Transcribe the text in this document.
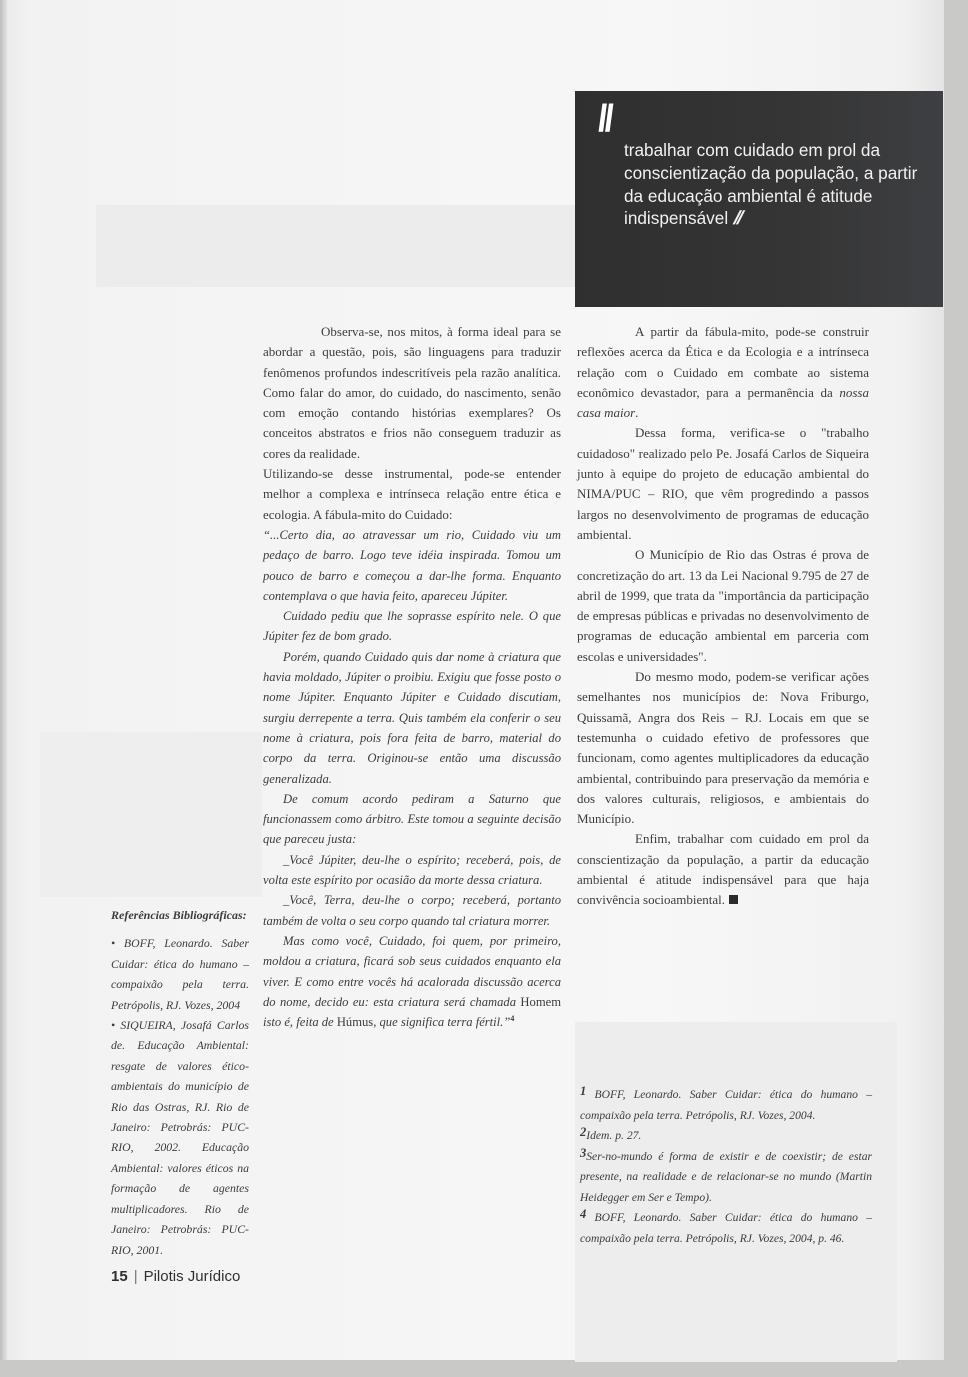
\\
trabalhar com cuidado em prol da conscientização da população, a partir da educação ambiental é atitude indispensável //

Observa-se, nos mitos, à forma ideal para se abordar a questão, pois, são linguagens para traduzir fenômenos profundos indescritíveis pela razão analítica. Como falar do amor, do cuidado, do nascimento, senão com emoção contando histórias exemplares? Os conceitos abstratos e frios não conseguem traduzir as cores da realidade.

Utilizando-se desse instrumental, pode-se entender melhor a complexa e intrínseca relação entre ética e ecologia. A fábula-mito do Cuidado:

“...Certo dia, ao atravessar um rio, Cuidado viu um pedaço de barro. Logo teve idéia inspirada. Tomou um pouco de barro e começou a dar-lhe forma. Enquanto contemplava o que havia feito, apareceu Júpiter.

Cuidado pediu que lhe soprasse espírito nele. O que Júpiter fez de bom grado.

Porém, quando Cuidado quis dar nome à criatura que havia moldado, Júpiter o proibiu. Exigiu que fosse posto o nome Júpiter. Enquanto Júpiter e Cuidado discutiam, surgiu derrepente a terra. Quis também ela conferir o seu nome à criatura, pois fora feita de barro, material do corpo da terra. Originou-se então uma discussão generalizada.

De comum acordo pediram a Saturno que funcionassem como árbitro. Este tomou a seguinte decisão que pareceu justa:

_Você Júpiter, deu-lhe o espírito; receberá, pois, de volta este espírito por ocasião da morte dessa criatura.

_Você, Terra, deu-lhe o corpo; receberá, portanto também de volta o seu corpo quando tal criatura morrer.

Mas como você, Cuidado, foi quem, por primeiro, moldou a criatura, ficará sob seus cuidados enquanto ela viver. E como entre vocês há acalorada discussão acerca do nome, decido eu: esta criatura será chamada Homem isto é, feita de Húmus, que significa terra fértil.”$^4$

A partir da fábula-mito, pode-se construir reflexões acerca da Ética e da Ecologia e a intrínseca relação com o Cuidado em combate ao sistema econômico devastador, para a permanência da nossa casa maior.

Dessa forma, verifica-se o "trabalho cuidadoso" realizado pelo Pe. Josafá Carlos de Siqueira junto à equipe do projeto de educação ambiental do NIMA/PUC – RIO, que vêm progredindo a passos largos no desenvolvimento de programas de educação ambiental.

O Município de Rio das Ostras é prova de concretização do art. 13 da Lei Nacional 9.795 de 27 de abril de 1999, que trata da "importância da participação de empresas públicas e privadas no desenvolvimento de programas de educação ambiental em parceria com escolas e universidades".

Do mesmo modo, podem-se verificar ações semelhantes nos municípios de: Nova Friburgo, Quissamã, Angra dos Reis – RJ. Locais em que se testemunha o cuidado efetivo de professores que funcionam, como agentes multiplicadores da educação ambiental, contribuindo para preservação da memória e dos valores culturais, religiosos, e ambientais do Município.

Enfim, trabalhar com cuidado em prol da conscientização da população, a partir da educação ambiental é atitude indispensável para que haja convivência socioambiental.

Referências Bibliográficas:

• BOFF, Leonardo. Saber Cuidar: ética do humano – compaixão pela terra. Petrópolis, RJ. Vozes, 2004

• SIQUEIRA, Josafá Carlos de. Educação Ambiental: resgate de valores ético-ambientais do município de Rio das Ostras, RJ. Rio de Janeiro: Petrobrás: PUC-RIO, 2002. Educação Ambiental: valores éticos na formação de agentes multiplicadores. Rio de Janeiro: Petrobrás: PUC-RIO, 2001.

1 BOFF, Leonardo. Saber Cuidar: ética do humano – compaixão pela terra. Petrópolis, RJ. Vozes, 2004.

2Idem. p. 27.

3Ser-no-mundo é forma de existir e de coexistir; de estar presente, na realidade e de relacionar-se no mundo (Martin Heidegger em Ser e Tempo).

4 BOFF, Leonardo. Saber Cuidar: ética do humano – compaixão pela terra. Petrópolis, RJ. Vozes, 2004, p. 46.

15 | Pilotis Jurídico
